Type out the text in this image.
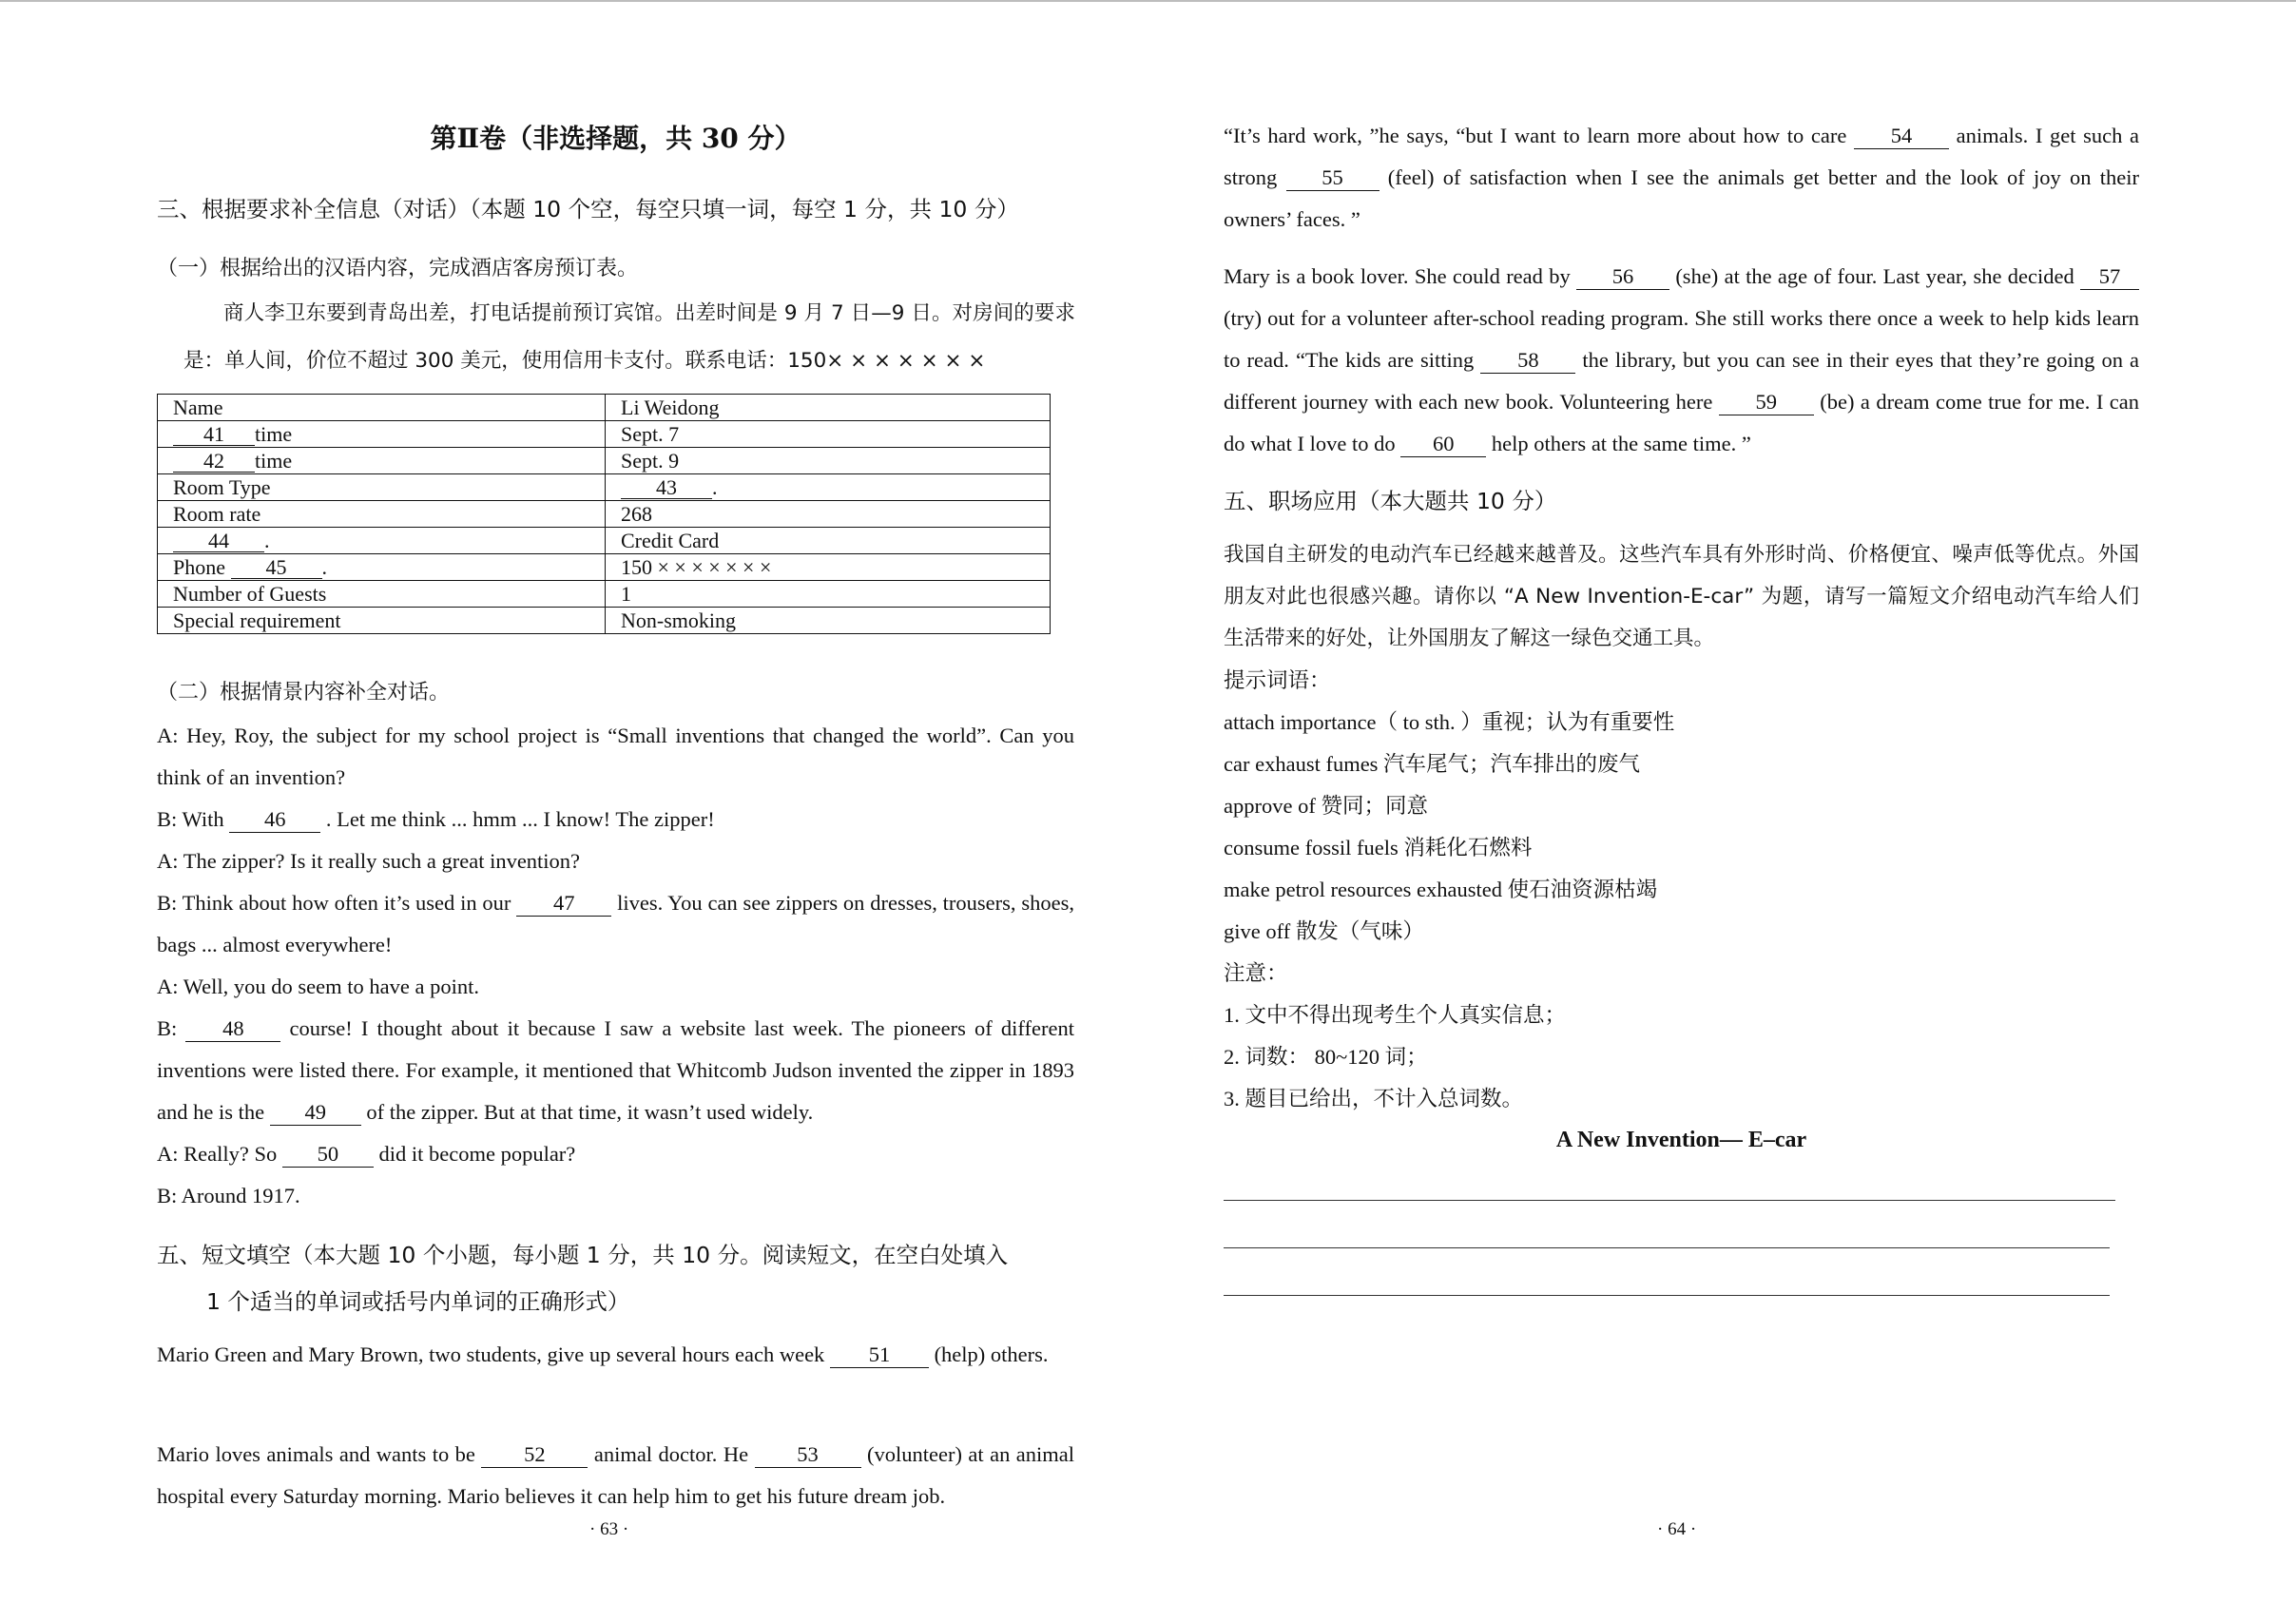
第Ⅱ卷（非选择题，共 30 分）
三、根据要求补全信息（对话）（本题 10 个空，每空只填一词，每空 1 分，共 10 分）
（一）根据给出的汉语内容，完成酒店客房预订表。
商人李卫东要到青岛出差，打电话提前预订宾馆。出差时间是 9 月 7 日—9 日。对房间的要求是：单人间，价位不超过 300 美元，使用信用卡支付。联系电话：150× × × × × × ×
Name	Li Weidong
41 time	Sept. 7
42 time	Sept. 9
Room Type	43 .
Room rate	268
44 .	Credit Card
Phone 45 .	150 × × × × × × ×
Number of Guests	1
Special requirement	Non-smoking
（二）根据情景内容补全对话。
A: Hey, Roy, the subject for my school project is “Small inventions that changed the world”. Can you think of an invention?
B: With 46 . Let me think ... hmm ... I know! The zipper!
A: The zipper? Is it really such a great invention?
B: Think about how often it’s used in our 47 lives. You can see zippers on dresses, trousers, shoes, bags ... almost everywhere!
A: Well, you do seem to have a point.
B: 48 course! I thought about it because I saw a website last week. The pioneers of different inventions were listed there. For example, it mentioned that Whitcomb Judson invented the zipper in 1893 and he is the 49 of the zipper. But at that time, it wasn’t used widely.
A: Really? So 50 did it become popular?
B: Around 1917.
五、短文填空（本大题 10 个小题，每小题 1 分，共 10 分。阅读短文，在空白处填入
1 个适当的单词或括号内单词的正确形式）
Mario Green and Mary Brown, two students, give up several hours each week 51 (help) others.
Mario loves animals and wants to be 52 animal doctor. He 53 (volunteer) at an animal hospital every Saturday morning. Mario believes it can help him to get his future dream job.
· 63 ·
“It’s hard work, ”he says, “but I want to learn more about how to care 54 animals. I get such a strong 55 (feel) of satisfaction when I see the animals get better and the look of joy on their owners’ faces. ”
Mary is a book lover. She could read by 56 (she) at the age of four. Last year, she decided 57 (try) out for a volunteer after-school reading program. She still works there once a week to help kids learn to read. “The kids are sitting 58 the library, but you can see in their eyes that they’re going on a different journey with each new book. Volunteering here 59 (be) a dream come true for me. I can do what I love to do 60 help others at the same time. ”
五、职场应用（本大题共 10 分）
我国自主研发的电动汽车已经越来越普及。这些汽车具有外形时尚、价格便宜、噪声低等优点。外国朋友对此也很感兴趣。请你以 “A New Invention-E-car” 为题，请写一篇短文介绍电动汽车给人们生活带来的好处，让外国朋友了解这一绿色交通工具。
提示词语：
attach importance（ to sth. ）重视；认为有重要性
car exhaust fumes 汽车尾气；汽车排出的废气
approve of 赞同；同意
consume fossil fuels 消耗化石燃料
make petrol resources exhausted 使石油资源枯竭
give off 散发（气味）
注意：
1. 文中不得出现考生个人真实信息；
2. 词数： 80~120 词；
3. 题目已给出，不计入总词数。
A New Invention— E–car
· 64 ·
